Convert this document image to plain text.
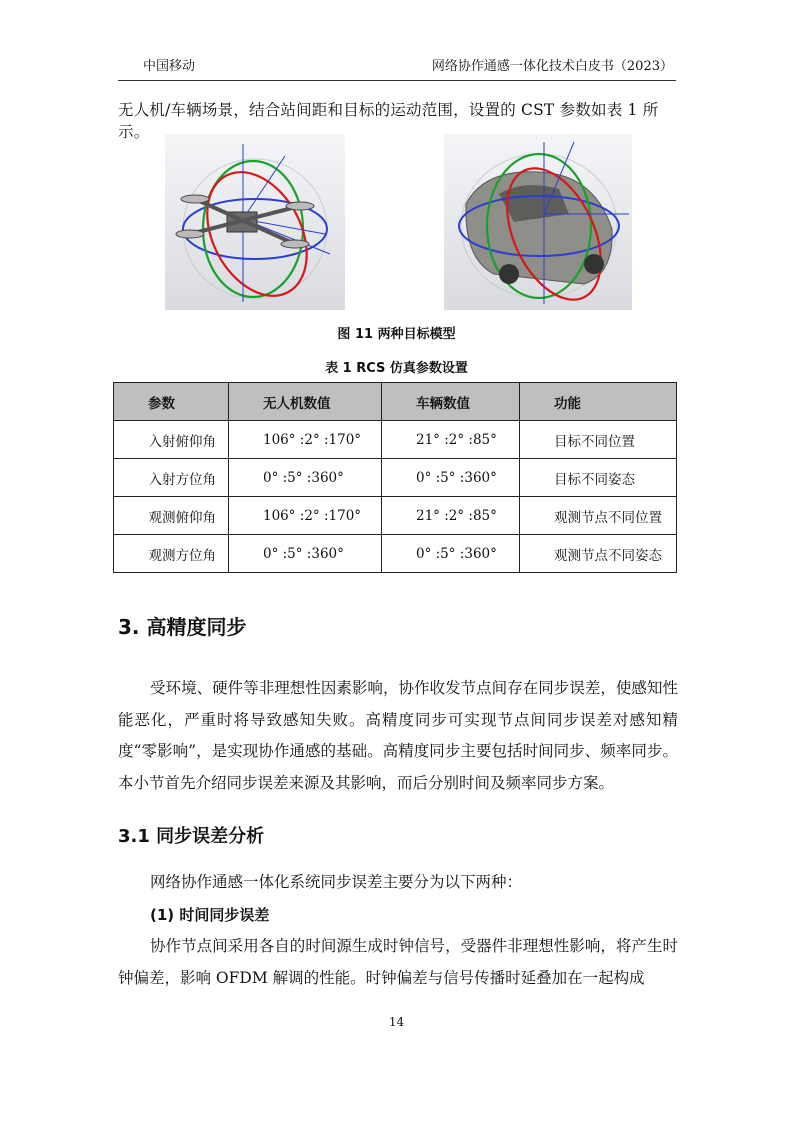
中国移动	网络协作通感一体化技术白皮书（2023）
无人机/车辆场景，结合站间距和目标的运动范围，设置的 CST 参数如表 1 所示。
图 11 两种目标模型
表 1 RCS 仿真参数设置
参数	无人机数值	车辆数值	功能
入射俯仰角	106° :2° :170°	21° :2° :85°	目标不同位置
入射方位角	0° :5° :360°	0° :5° :360°	目标不同姿态
观测俯仰角	106° :2° :170°	21° :2° :85°	观测节点不同位置
观测方位角	0° :5° :360°	0° :5° :360°	观测节点不同姿态
3. 高精度同步
受环境、硬件等非理想性因素影响，协作收发节点间存在同步误差，使感知性能恶化，严重时将导致感知失败。高精度同步可实现节点间同步误差对感知精度“零影响”，是实现协作通感的基础。高精度同步主要包括时间同步、频率同步。本小节首先介绍同步误差来源及其影响，而后分别时间及频率同步方案。
3.1 同步误差分析
网络协作通感一体化系统同步误差主要分为以下两种：
(1) 时间同步误差
协作节点间采用各自的时间源生成时钟信号，受器件非理想性影响，将产生时钟偏差，影响 OFDM 解调的性能。时钟偏差与信号传播时延叠加在一起构成
14
